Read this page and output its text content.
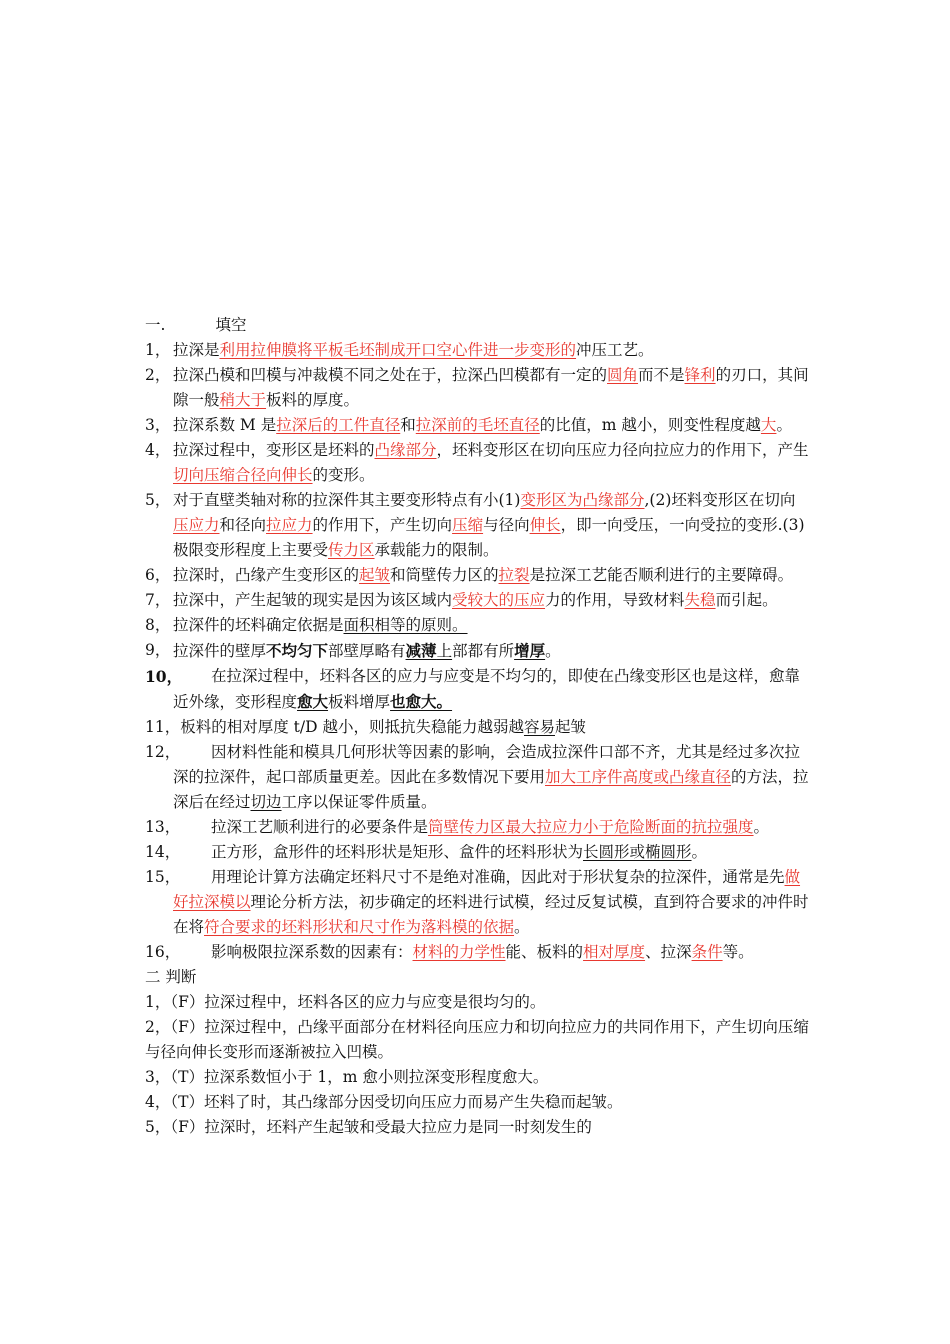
一.	填空

1， 拉深是利用拉伸膜将平板毛坯制成开口空心件进一步变形的冲压工艺。

2， 拉深凸模和凹模与冲裁模不同之处在于，拉深凸凹模都有一定的圆角而不是锋利的刃口，其间隙一般稍大于板料的厚度。

3， 拉深系数 M 是拉深后的工件直径和拉深前的毛坯直径的比值，m 越小，则变性程度越大。

4， 拉深过程中，变形区是坯料的凸缘部分，坯料变形区在切向压应力径向拉应力的作用下，产生切向压缩合径向伸长的变形。

5， 对于直壁类轴对称的拉深件其主要变形特点有小(1)变形区为凸缘部分,(2)坯料变形区在切向压应力和径向拉应力的作用下，产生切向压缩与径向伸长，即一向受压，一向受拉的变形.(3)极限变形程度上主要受传力区承载能力的限制。

6， 拉深时，凸缘产生变形区的起皱和筒壁传力区的拉裂是拉深工艺能否顺利进行的主要障碍。

7， 拉深中，产生起皱的现实是因为该区域内受较大的压应力的作用，导致材料失稳而引起。

8， 拉深件的坯料确定依据是面积相等的原则。

9， 拉深件的壁厚不均匀下部壁厚略有减薄上部都有所增厚。

10， 在拉深过程中，坯料各区的应力与应变是不均匀的，即使在凸缘变形区也是这样，愈靠近外缘，变形程度愈大板料增厚也愈大。

11，板料的相对厚度 t/D 越小，则抵抗失稳能力越弱越容易起皱

12， 因材料性能和模具几何形状等因素的影响，会造成拉深件口部不齐，尤其是经过多次拉深的拉深件，起口部质量更差。因此在多数情况下要用加大工序件高度或凸缘直径的方法，拉深后在经过切边工序以保证零件质量。

13， 拉深工艺顺利进行的必要条件是筒壁传力区最大拉应力小于危险断面的抗拉强度。

14， 正方形，盒形件的坯料形状是矩形、盒件的坯料形状为长圆形或椭圆形。

15， 用理论计算方法确定坯料尺寸不是绝对准确，因此对于形状复杂的拉深件，通常是先做好拉深模以理论分析方法，初步确定的坯料进行试模，经过反复试模，直到符合要求的冲件时在将符合要求的坯料形状和尺寸作为落料模的依据。

16， 影响极限拉深系数的因素有：材料的力学性能、板料的相对厚度、拉深条件等。

二 判断

1，（F）拉深过程中，坯料各区的应力与应变是很均匀的。

2，（F）拉深过程中，凸缘平面部分在材料径向压应力和切向拉应力的共同作用下，产生切向压缩与径向伸长变形而逐渐被拉入凹模。

3，（T）拉深系数恒小于 1，m 愈小则拉深变形程度愈大。

4，（T）坯料了时，其凸缘部分因受切向压应力而易产生失稳而起皱。

5，（F）拉深时，坯料产生起皱和受最大拉应力是同一时刻发生的
